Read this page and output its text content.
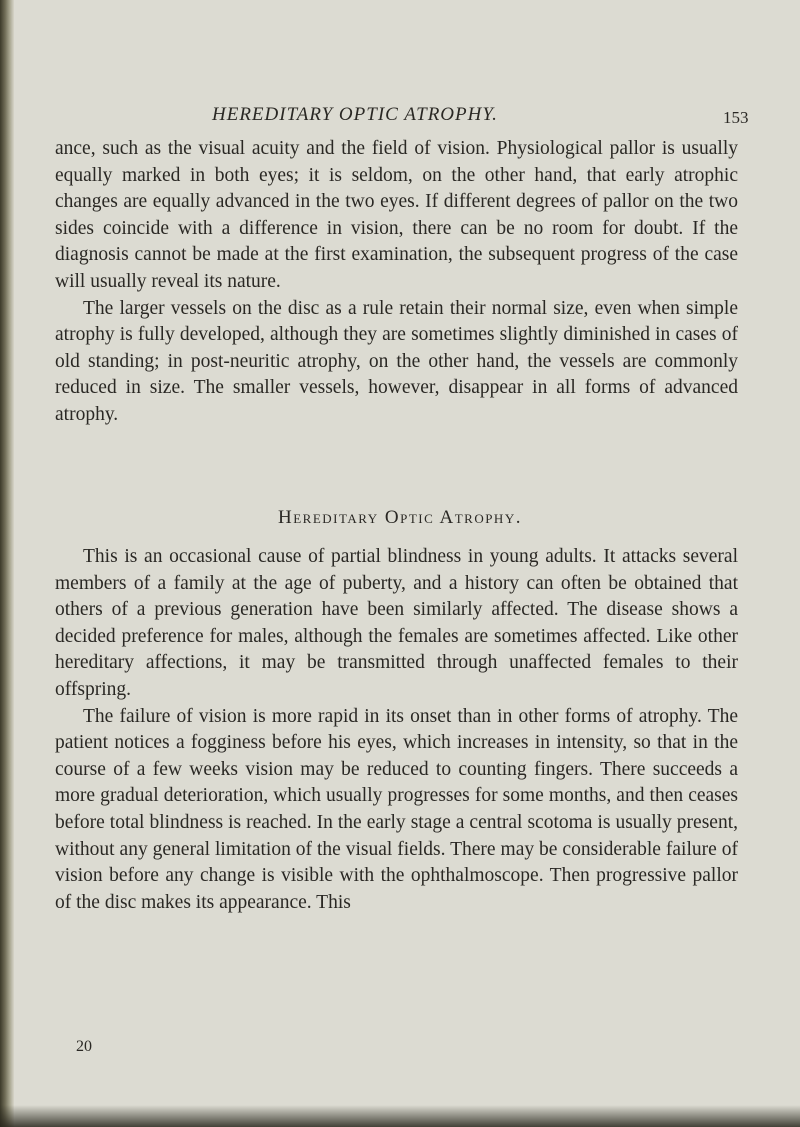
HEREDITARY OPTIC ATROPHY.	153

ance, such as the visual acuity and the field of vision. Physiological pallor is usually equally marked in both eyes; it is seldom, on the other hand, that early atrophic changes are equally advanced in the two eyes. If different degrees of pallor on the two sides coincide with a difference in vision, there can be no room for doubt. If the diagnosis cannot be made at the first examination, the subsequent progress of the case will usually reveal its nature.

The larger vessels on the disc as a rule retain their normal size, even when simple atrophy is fully developed, although they are sometimes slightly diminished in cases of old standing; in post-neuritic atrophy, on the other hand, the vessels are commonly reduced in size. The smaller vessels, however, disappear in all forms of advanced atrophy.

Hereditary Optic Atrophy.

This is an occasional cause of partial blindness in young adults. It attacks several members of a family at the age of puberty, and a history can often be obtained that others of a previous generation have been similarly affected. The disease shows a decided preference for males, although the females are sometimes affected. Like other hereditary affections, it may be transmitted through unaffected females to their offspring.

The failure of vision is more rapid in its onset than in other forms of atrophy. The patient notices a fogginess before his eyes, which increases in intensity, so that in the course of a few weeks vision may be reduced to counting fingers. There succeeds a more gradual deterioration, which usually progresses for some months, and then ceases before total blindness is reached. In the early stage a central scotoma is usually present, without any general limitation of the visual fields. There may be considerable failure of vision before any change is visible with the ophthalmoscope. Then progressive pallor of the disc makes its appearance. This

20
